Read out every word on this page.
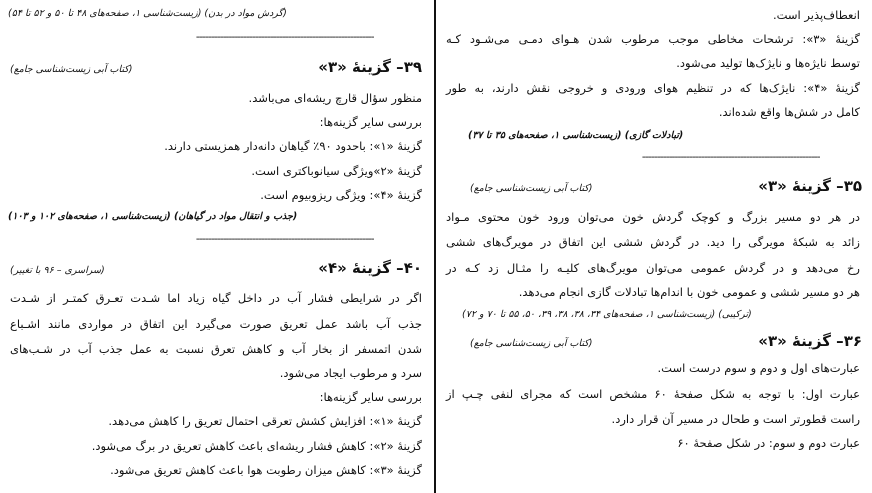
انعطاف‌پذیر است.
گزینهٔ «۳»: ترشحات مخاطی موجب مرطوب شدن هـوای دمـی می‌شـود کـه
توسط نایژه‌ها و نایژک‌ها تولید می‌شود.
گزینهٔ «۴»: نایژک‌ها که در تنظیم هوای ورودی و خروجی نقش دارند، به طور
کامل در شش‌ها واقع شده‌اند.
(تبادلات گازی) (زیست‌شناسی ۱، صفحه‌های ۳۵ تا ۳۷)
------------------------------------------------------------
۳۵– گزینهٔ «۳»
(کتاب آبی زیست‌شناسی جامع)
در هر دو مسیر بزرگ و کوچک گردش خون می‌توان ورود خون محتوی مـواد
زائد به شبکهٔ مویرگی را دید. در گردش ششی این اتفاق در مویرگ‌های ششی
رخ می‌دهد و در گردش عمومی می‌توان مویرگ‌های کلیـه را مثـال زد کـه در
هر دو مسیر ششی و عمومی خون با اندام‌ها تبادلات گازی انجام می‌دهد.
(ترکیبی) (زیست‌شناسی ۱، صفحه‌های ۳۴، ۳۸، ۳۸، ۳۹، ۵۰، ۵۵ تا ۷۰ و ۷۲)
۳۶– گزینهٔ «۳»
(کتاب آبی زیست‌شناسی جامع)
عبارت‌های اول و دوم و سوم درست است.
عبارت اول: با توجه به شکل صفحهٔ ۶۰ مشخص است که مجرای لنفی چـپ از
راست قطورتر است و طحال در مسیر آن قرار دارد.
عبارت دوم و سوم: در شکل صفحهٔ ۶۰
(گردش مواد در بدن) (زیست‌شناسی ۱، صفحه‌های ۴۸ تا ۵۰ و ۵۲ تا ۵۴)
------------------------------------------------------------
۳۹– گزینهٔ «۳»
(کتاب آبی زیست‌شناسی جامع)
منظور سؤال قارچ ریشه‌ای می‌باشد.
بررسی سایر گزینه‌ها:
گزینهٔ «۱»: باحدود ۹۰٪ گیاهان دانه‌دار همزیستی دارند.
گزینهٔ «۲»ویژگی سیانوباکتری است.
گزینهٔ «۴»: ویژگی ریزوبیوم است.
(جذب و انتقال مواد در گیاهان) (زیست‌شناسی ۱، صفحه‌های ۱۰۲ و ۱۰۳)
------------------------------------------------------------
۴۰– گزینهٔ «۴»
(سراسری – ۹۶ با تغییر)
اگر در شرایطی فشار آب در داخل گیاه زیاد اما شـدت تعـرق کمتـر از شـدت
جذب آب باشد عمل تعریق صورت می‌گیرد این اتفاق در مواردی مانند اشـباع
شدن اتمسفر از بخار آب و کاهش تعرق نسبت به عمل جذب آب در شـب‌های
سرد و مرطوب ایجاد می‌شود.
بررسی سایر گزینه‌ها:
گزینهٔ «۱»: افزایش کشش تعرقی احتمال تعریق را کاهش می‌دهد.
گزینهٔ «۲»: کاهش فشار ریشه‌ای باعث کاهش تعریق در برگ می‌شود.
گزینهٔ «۳»: کاهش میزان رطوبت هوا باعث کاهش تعریق می‌شود.
